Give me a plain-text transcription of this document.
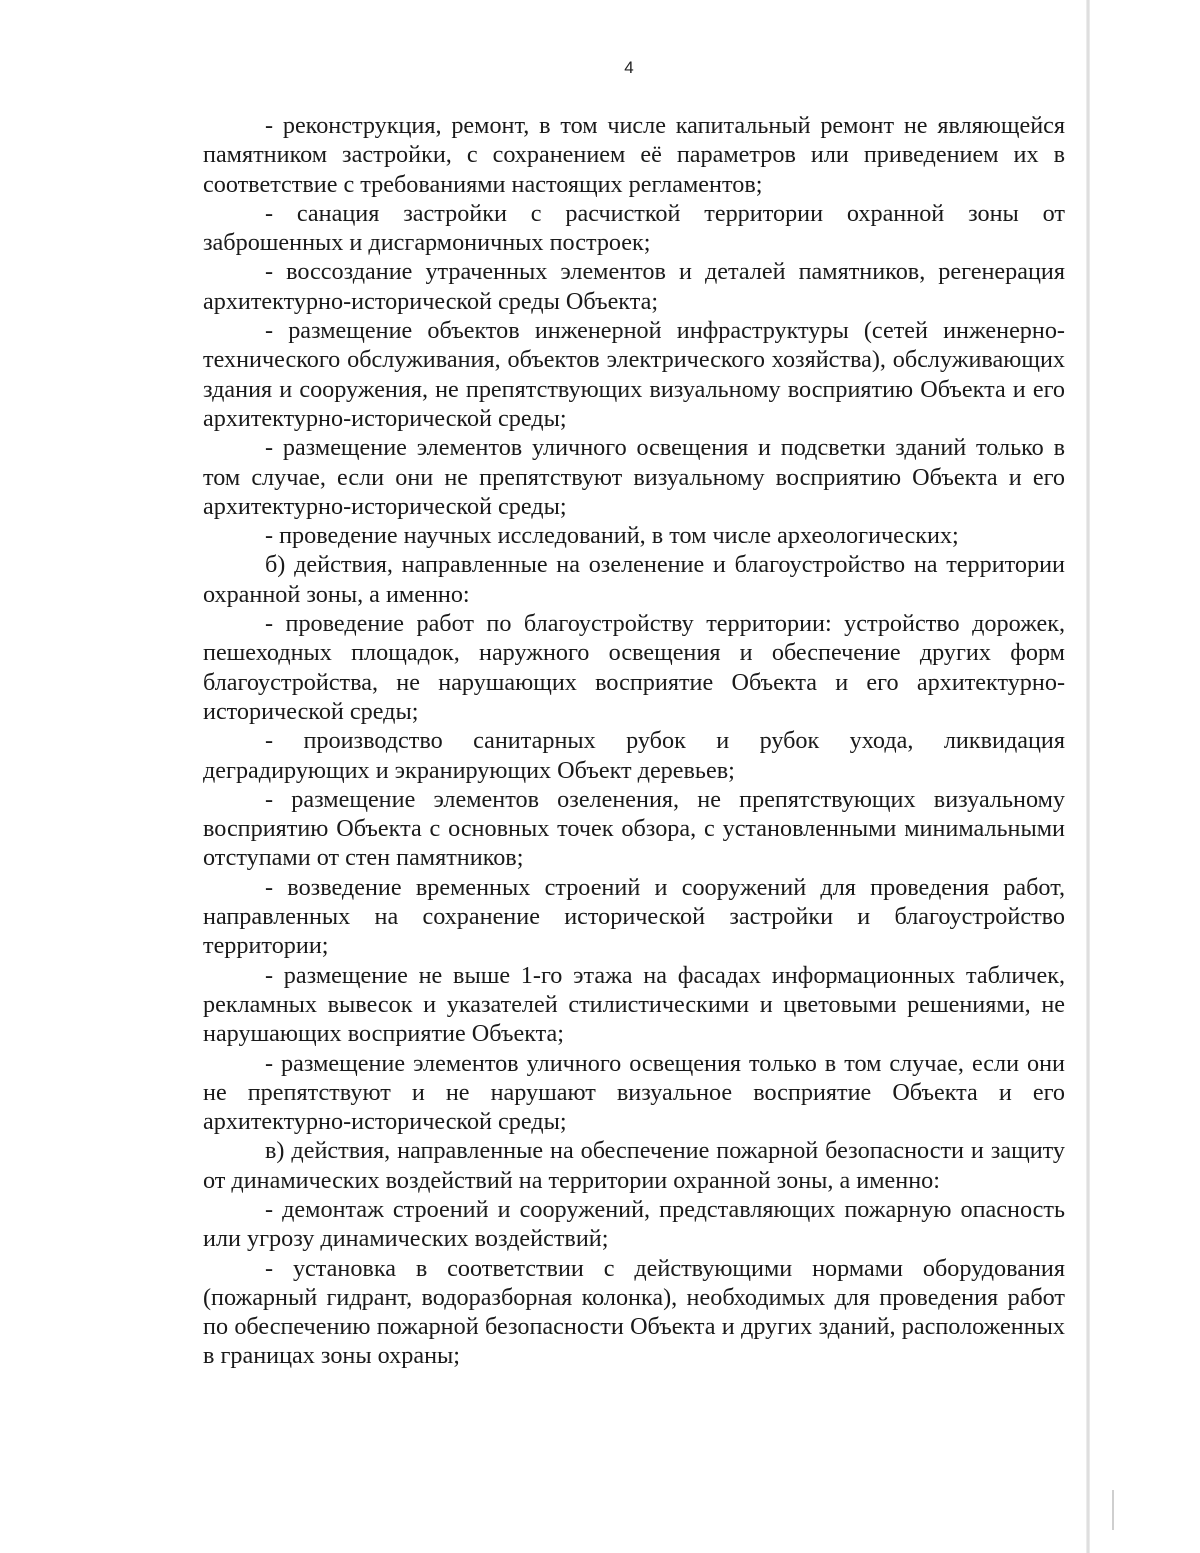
4

- реконструкция, ремонт, в том числе капитальный ремонт не являющейся памятником застройки, с сохранением её параметров или приведением их в соответствие с требованиями настоящих регламентов;

- санация застройки с расчисткой территории охранной зоны от заброшенных и дисгармоничных построек;

- воссоздание утраченных элементов и деталей памятников, регенерация архитектурно-исторической среды Объекта;

- размещение объектов инженерной инфраструктуры (сетей инженерно-технического обслуживания, объектов электрического хозяйства), обслуживающих здания и сооружения, не препятствующих визуальному восприятию Объекта и его архитектурно-исторической среды;

- размещение элементов уличного освещения и подсветки зданий только в том случае, если они не препятствуют визуальному восприятию Объекта и его архитектурно-исторической среды;

- проведение научных исследований, в том числе археологических;

б) действия, направленные на озеленение и благоустройство на территории охранной зоны, а именно:

- проведение работ по благоустройству территории: устройство дорожек, пешеходных площадок, наружного освещения и обеспечение других форм благоустройства, не нарушающих восприятие Объекта и его архитектурно-исторической среды;

- производство санитарных рубок и рубок ухода, ликвидация деградирующих и экранирующих Объект деревьев;

- размещение элементов озеленения, не препятствующих визуальному восприятию Объекта с основных точек обзора, с установленными минимальными отступами от стен памятников;

- возведение временных строений и сооружений для проведения работ, направленных на сохранение исторической застройки и благоустройство территории;

- размещение не выше 1-го этажа на фасадах информационных табличек, рекламных вывесок и указателей стилистическими и цветовыми решениями, не нарушающих восприятие Объекта;

- размещение элементов уличного освещения только в том случае, если они не препятствуют и не нарушают визуальное восприятие Объекта и его архитектурно-исторической среды;

в) действия, направленные на обеспечение пожарной безопасности и защиту от динамических воздействий на территории охранной зоны, а именно:

- демонтаж строений и сооружений, представляющих пожарную опасность или угрозу динамических воздействий;

- установка в соответствии с действующими нормами оборудования (пожарный гидрант, водоразборная колонка), необходимых для проведения работ по обеспечению пожарной безопасности Объекта и других зданий, расположенных в границах зоны охраны;
